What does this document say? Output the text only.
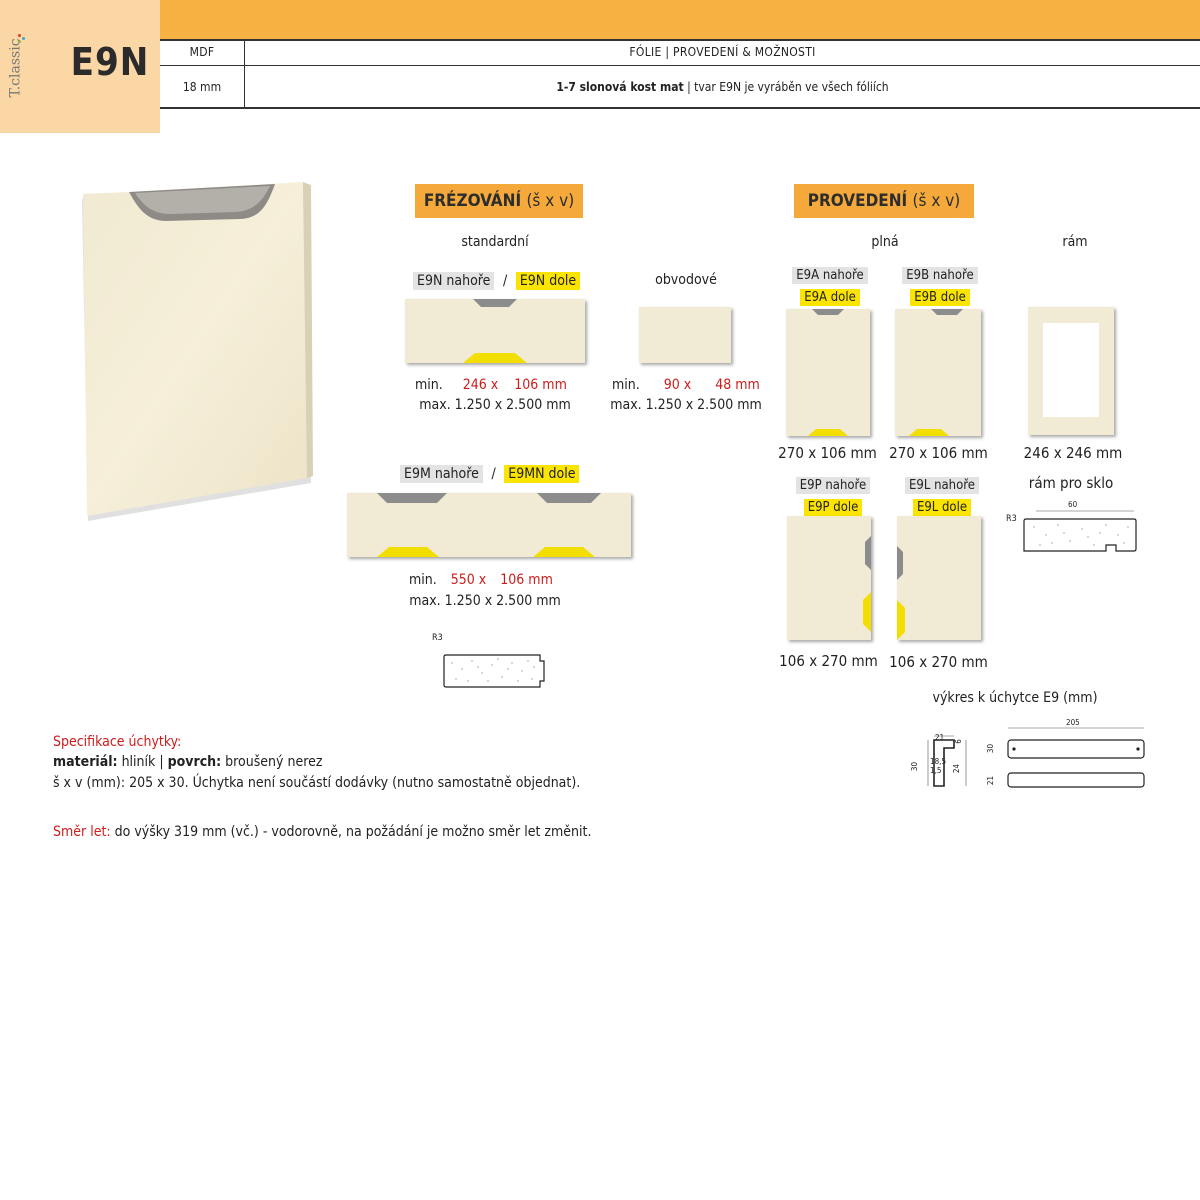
T.classic E9N	MDF	FÓLIE | PROVEDENÍ & MOŽNOSTI
18 mm	1-7 slonová kost mat | tvar E9N je vyráběn ve všech fóliích
FRÉZOVÁNÍ (š x v)
standardní
E9N nahoře / E9N dole	obvodové
min. 246 x 106 mm
max. 1.250 x 2.500 mm
min. 90 x 48 mm
max. 1.250 x 2.500 mm
E9M nahoře / E9MN dole
min. 550 x 106 mm
max. 1.250 x 2.500 mm
R3
PROVEDENÍ (š x v)
plná	rám
E9A nahoře
E9A dole
E9B nahoře
E9B dole
270 x 106 mm 270 x 106 mm	246 x 246 mm
E9P nahoře
E9P dole
E9L nahoře
E9L dole
rám pro sklo
106 x 270 mm 106 x 270 mm
R3
60
výkres k úchytce E9 (mm)
21 6
18,5
1,5
30	24
205
30
21
Specifikace úchytky:
materiál: hliník | povrch: broušený nerez
š x v (mm): 205 x 30. Úchytka není součástí dodávky (nutno samostatně objednat).
Směr let: do výšky 319 mm (vč.) - vodorovně, na požádání je možno směr let změnit.
